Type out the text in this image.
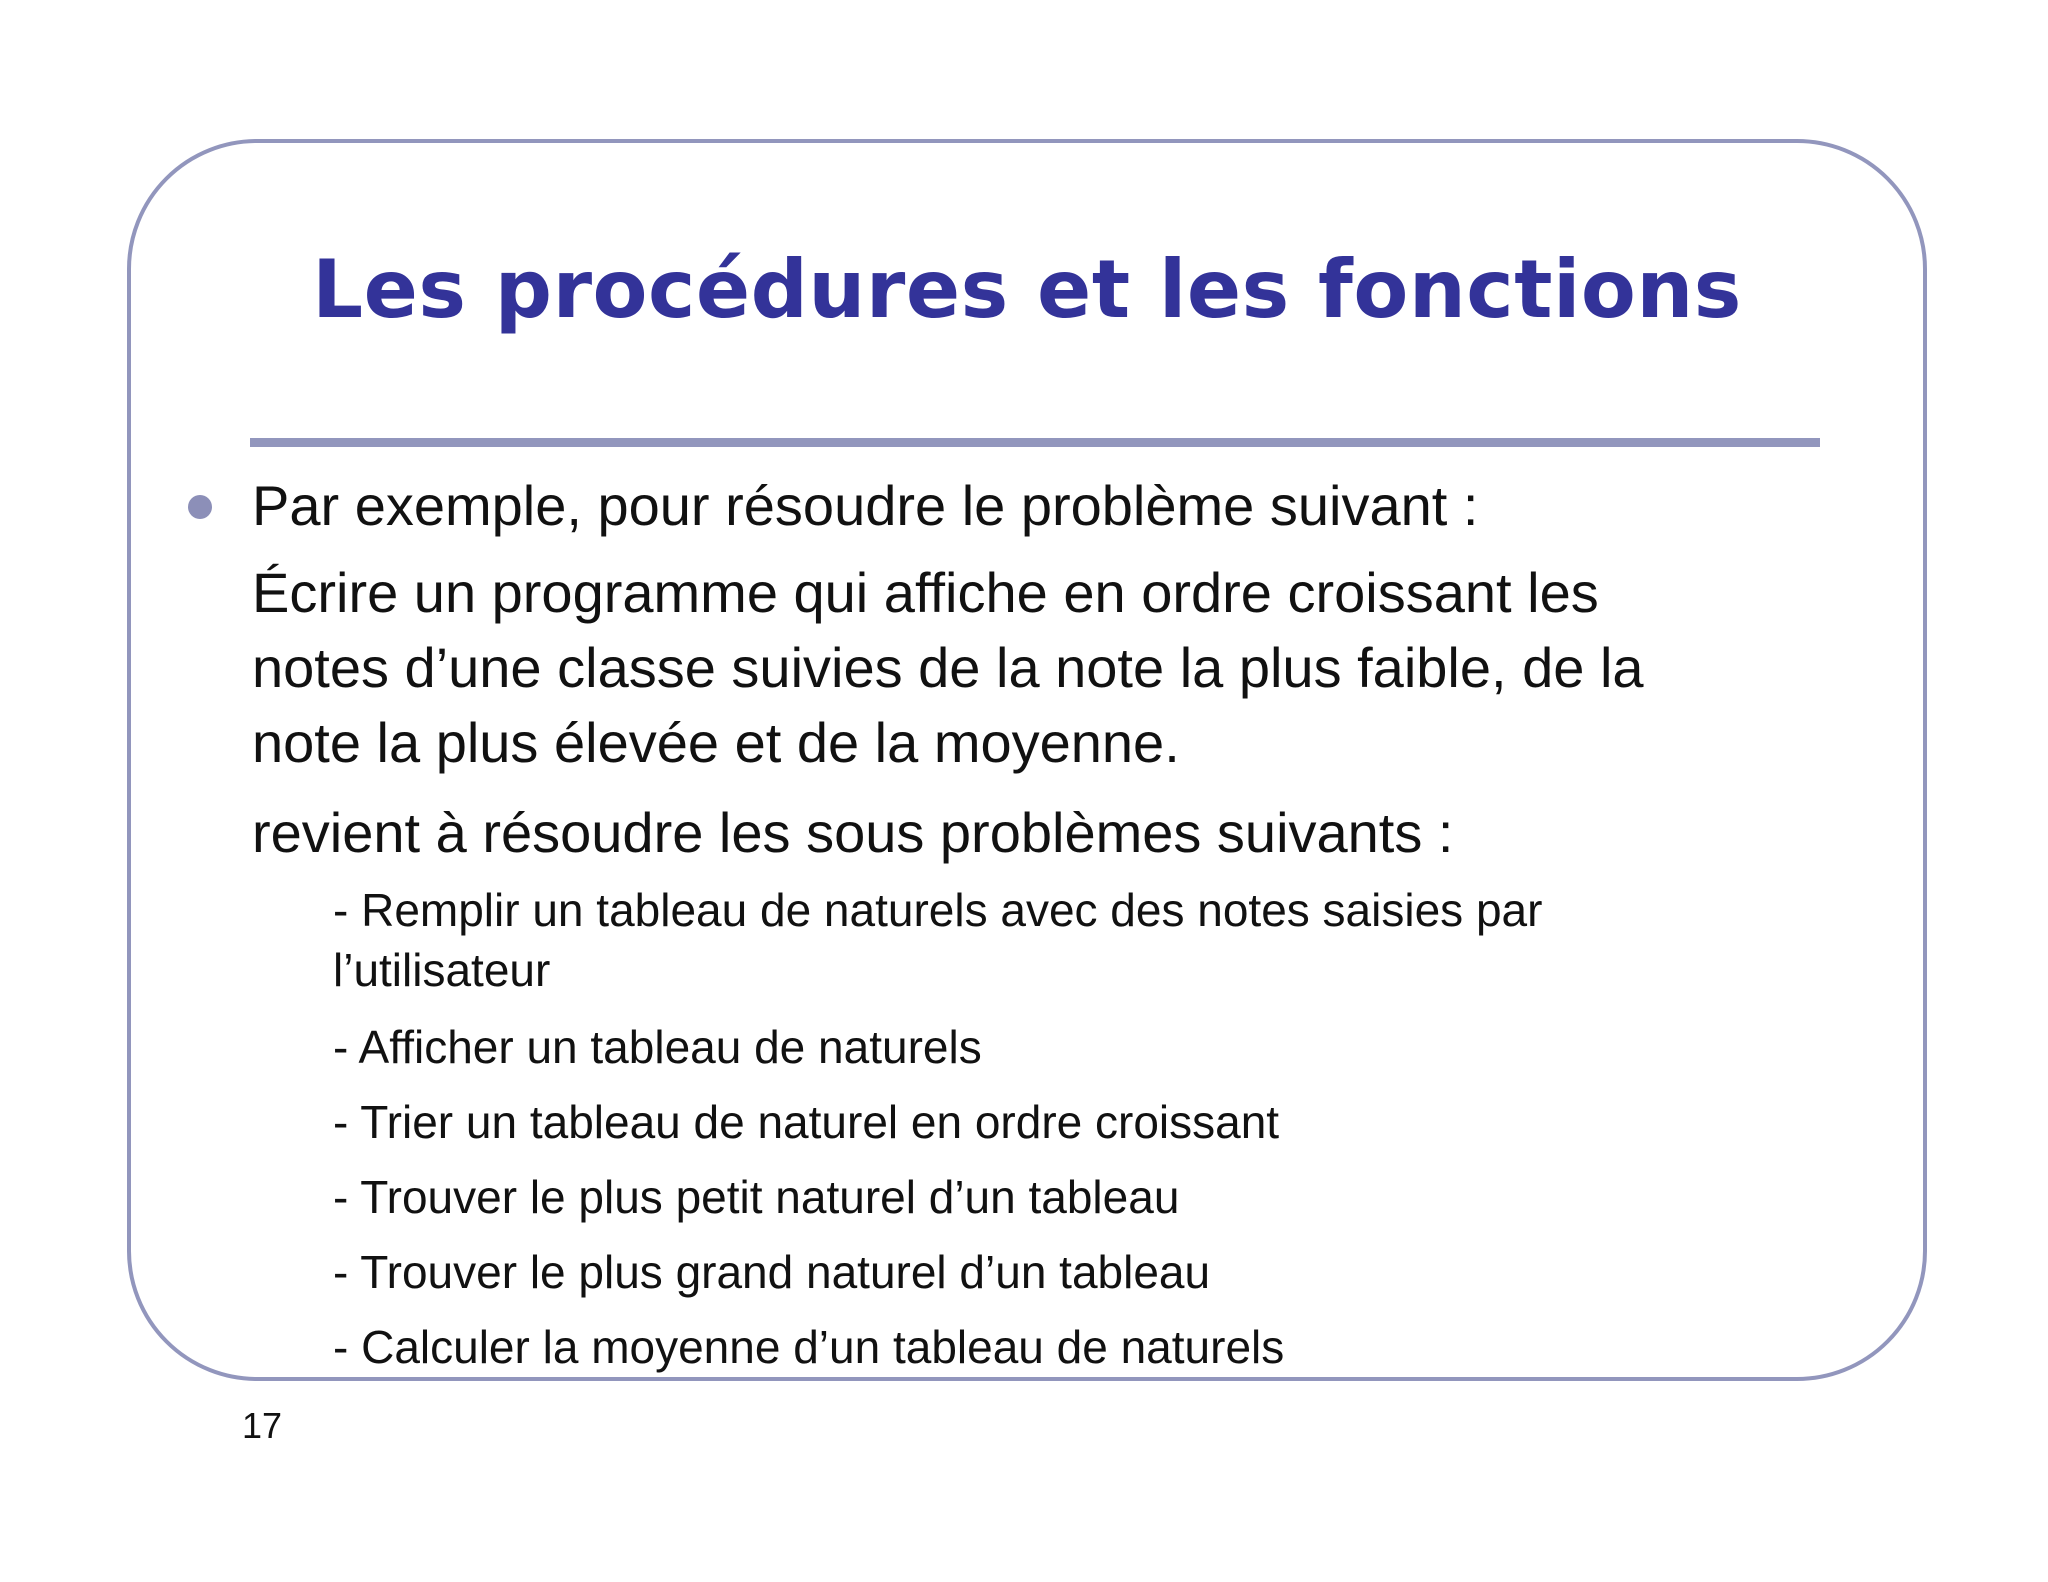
Les procédures et les fonctions
Par exemple, pour résoudre le problème suivant :
Écrire un programme qui affiche en ordre croissant les
notes d’une classe suivies de la note la plus faible, de la
note la plus élevée et de la moyenne.
revient à résoudre les sous problèmes suivants :
- Remplir un tableau de naturels avec des notes saisies par
l’utilisateur
- Afficher un tableau de naturels
- Trier un tableau de naturel en ordre croissant
- Trouver le plus petit naturel d’un tableau
- Trouver le plus grand naturel d’un tableau
- Calculer la moyenne d’un tableau de naturels
17
